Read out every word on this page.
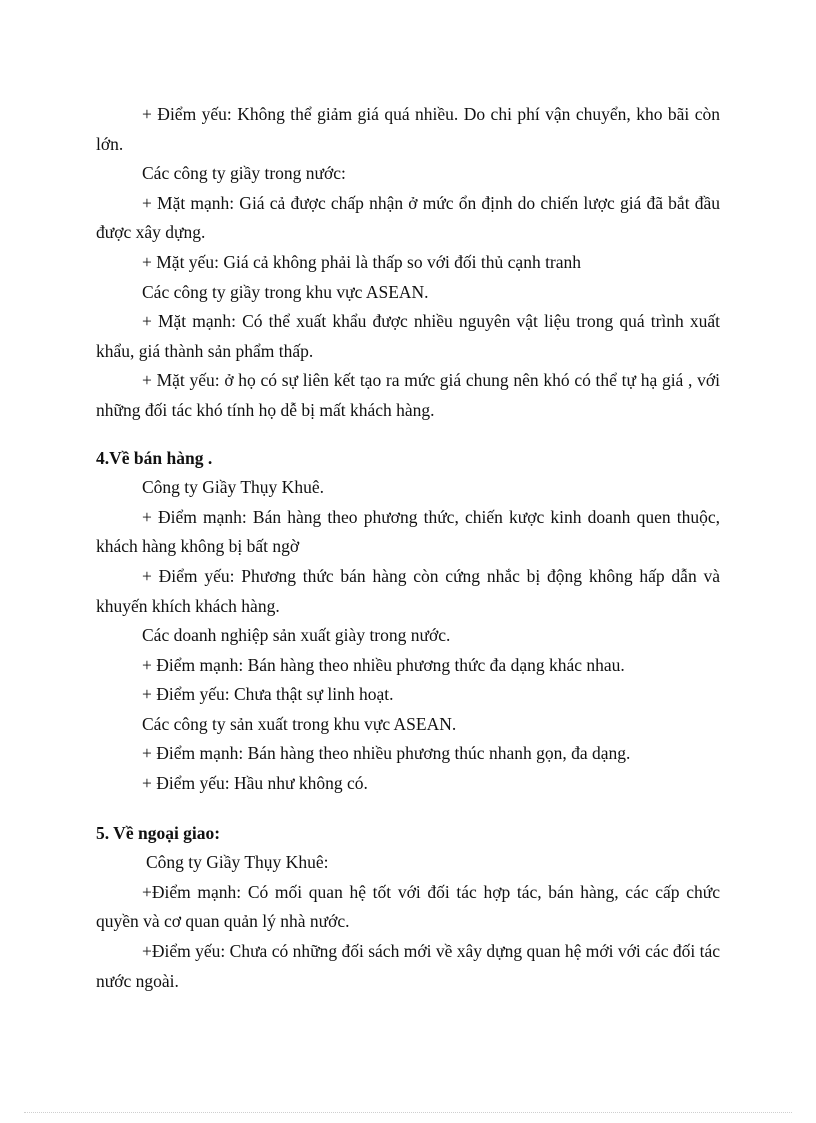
+ Điểm yếu: Không thể giảm giá quá nhiều. Do chi phí vận chuyển, kho bãi còn lớn.

Các công ty giầy trong nước:

+ Mặt mạnh: Giá cả được chấp nhận ở mức ổn định do chiến lược giá đã bắt đầu được xây dựng.

+ Mặt yếu: Giá cả không phải là thấp so với đối thủ cạnh tranh

Các công ty giầy trong khu vực ASEAN.

+ Mặt mạnh: Có thể xuất khẩu được nhiều nguyên vật liệu trong quá trình xuất khẩu, giá thành sản phẩm thấp.

+ Mặt yếu: ở họ có sự liên kết tạo ra mức giá chung nên khó có thể tự hạ giá , với những đối tác khó tính họ dễ bị mất khách hàng.

4.Về bán hàng .

Công ty Giầy Thụy Khuê.

+ Điểm mạnh: Bán hàng theo phương thức, chiến kược kinh doanh quen thuộc, khách hàng không bị bất ngờ

+ Điểm yếu: Phương thức bán hàng còn cứng nhắc bị động không hấp dẫn và khuyến khích khách hàng.

Các doanh nghiệp sản xuất giày trong nước.

+ Điểm mạnh: Bán hàng theo nhiều phương thức đa dạng khác nhau.

+ Điểm yếu: Chưa thật sự linh hoạt.

Các công ty sản xuất trong khu vực ASEAN.

+ Điểm mạnh: Bán hàng theo nhiều phương thúc nhanh gọn, đa dạng.

+ Điểm yếu: Hầu như không có.

5. Về ngoại giao:

Công ty Giầy Thụy Khuê:

+Điểm mạnh: Có mối quan hệ tốt với đối tác hợp tác, bán hàng, các cấp chức quyền và cơ quan quản lý nhà nước.

+Điểm yếu: Chưa có những đối sách mới về xây dựng quan hệ mới với các đối tác nước ngoài.
